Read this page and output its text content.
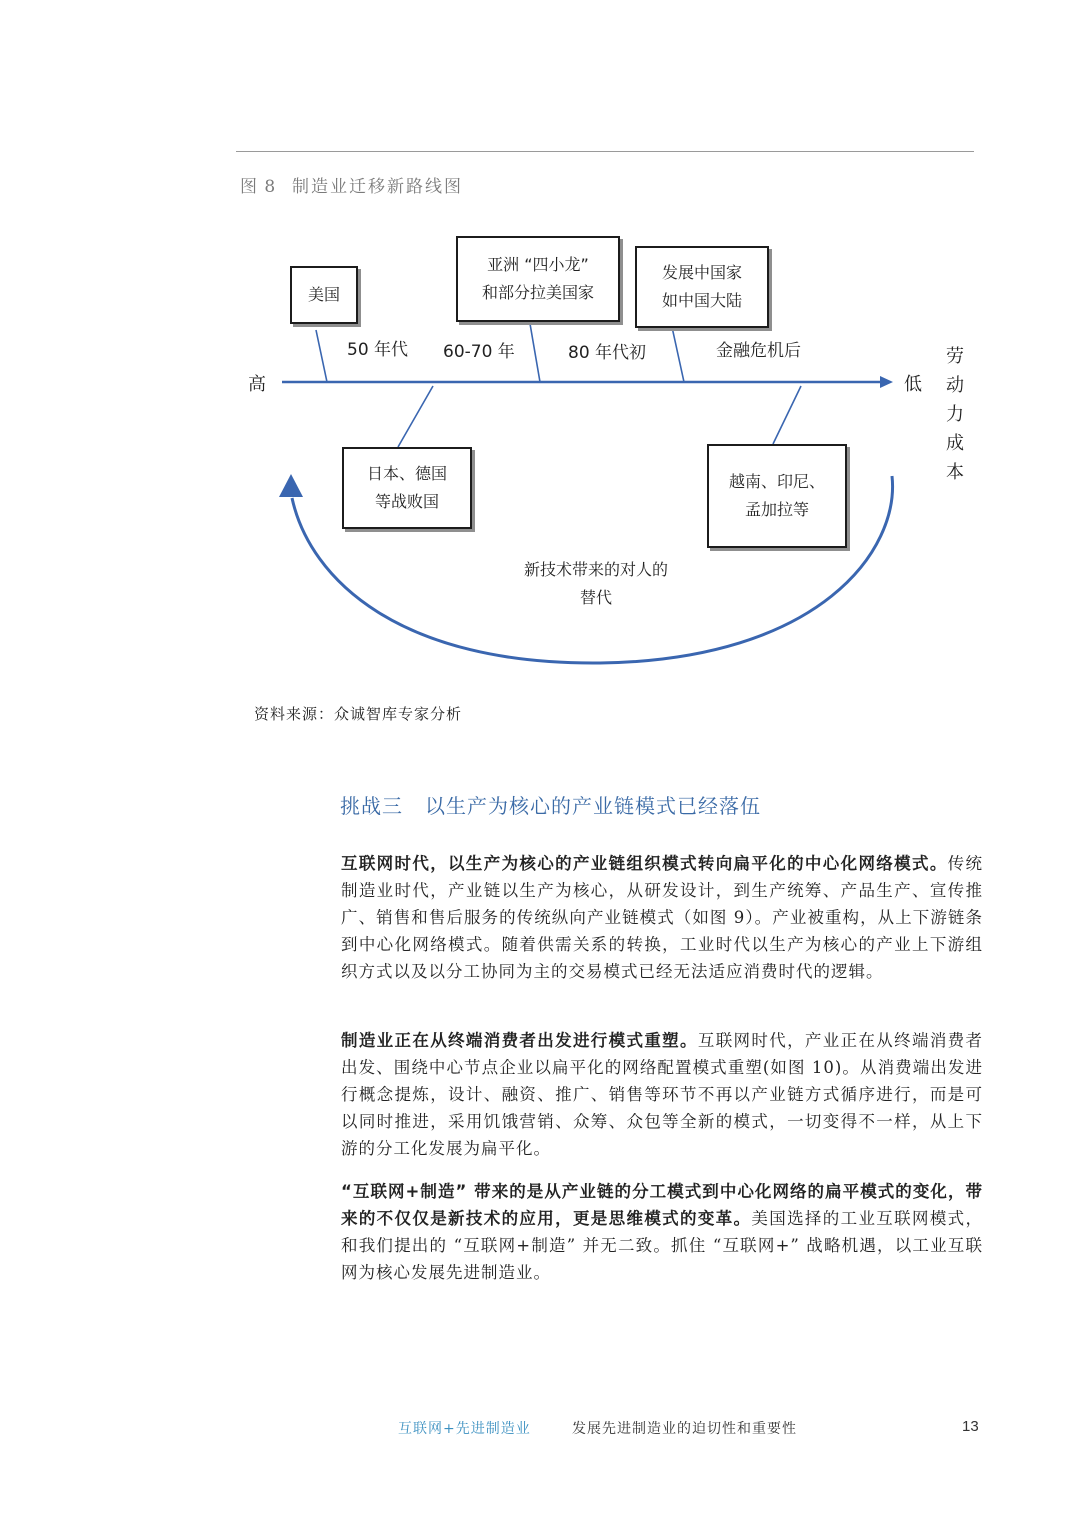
图 8 制造业迁移新路线图
美国
亚洲 “四小龙”
和部分拉美国家
发展中国家
如中国大陆
50 年代 60-70 年	80 年代初	金融危机后
高	低
劳
动
力
成
本
日本、德国
等战败国
越南、印尼、
孟加拉等
新技术带来的对人的
替代
资料来源：众诚智库专家分析
挑战三 以生产为核心的产业链模式已经落伍

互联网时代，以生产为核心的产业链组织模式转向扁平化的中心化网络模式。传统制造业时代，产业链以生产为核心，从研发设计，到生产统筹、产品生产、宣传推广、销售和售后服务的传统纵向产业链模式（如图 9）。产业被重构，从上下游链条到中心化网络模式。随着供需关系的转换，工业时代以生产为核心的产业上下游组织方式以及以分工协同为主的交易模式已经无法适应消费时代的逻辑。

制造业正在从终端消费者出发进行模式重塑。互联网时代，产业正在从终端消费者出发、围绕中心节点企业以扁平化的网络配置模式重塑(如图 10)。从消费端出发进行概念提炼，设计、融资、推广、销售等环节不再以产业链方式循序进行，而是可以同时推进，采用饥饿营销、众筹、众包等全新的模式，一切变得不一样，从上下游的分工化发展为扁平化。

“互联网+制造” 带来的是从产业链的分工模式到中心化网络的扁平模式的变化，带来的不仅仅是新技术的应用，更是思维模式的变革。美国选择的工业互联网模式，和我们提出的 “互联网+制造” 并无二致。抓住 “互联网+” 战略机遇，以工业互联网为核心发展先进制造业。

互联网+先进制造业	发展先进制造业的迫切性和重要性	13
